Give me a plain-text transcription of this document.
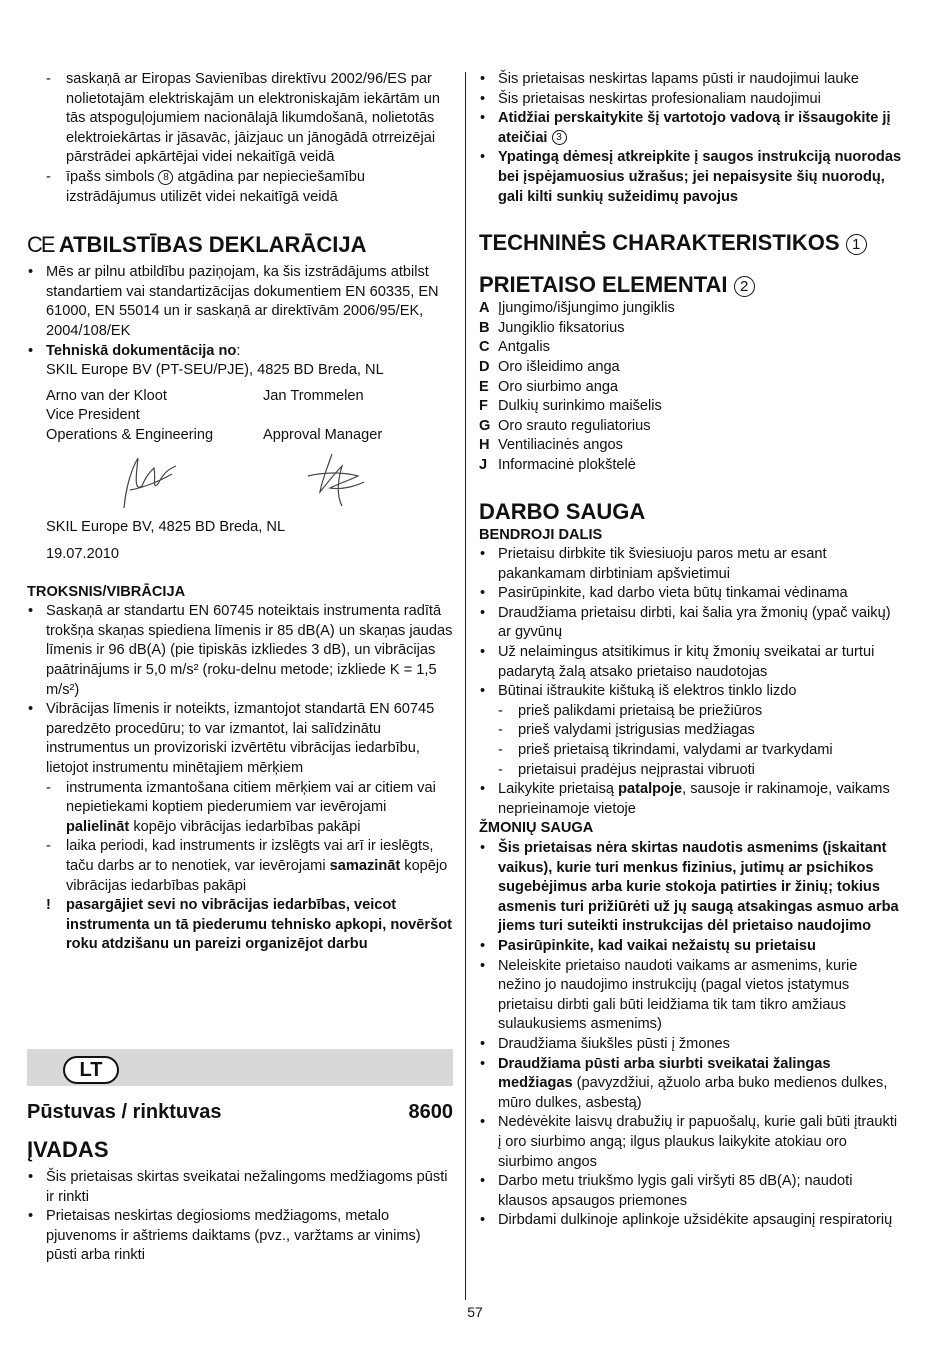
- saskaņā ar Eiropas Savienības direktīvu 2002/96/ES par nolietotajām elektriskajām un elektroniskajām iekārtām un tās atspoguļojumiem nacionālajā likumdošanā, nolietotās elektroiekārtas ir jāsavāc, jāizjauc un jānogādā otrreizējai pārstrādei apkārtējai videi nekaitīgā veidā
- īpašs simbols 8 atgādina par nepieciešamību izstrādājumus utilizēt videi nekaitīgā veidā
CE ATBILSTĪBAS DEKLARĀCIJA
• Mēs ar pilnu atbildību paziņojam, ka šis izstrādājums atbilst standartiem vai standartizācijas dokumentiem EN 60335, EN 61000, EN 55014 un ir saskaņā ar direktīvām 2006/95/EK, 2004/108/EK
• Tehniskā dokumentācija no:
SKIL Europe BV (PT-SEU/PJE), 4825 BD Breda, NL
Arno van der Kloot	Jan Trommelen
Vice President
Operations & Engineering	Approval Manager
SKIL Europe BV, 4825 BD Breda, NL
19.07.2010
TROKSNIS/VIBRĀCIJA
• Saskaņā ar standartu EN 60745 noteiktais instrumenta radītā trokšņa skaņas spiediena līmenis ir 85 dB(A) un skaņas jaudas līmenis ir 96 dB(A) (pie tipiskās izkliedes 3 dB), un vibrācijas paātrinājums ir 5,0 m/s² (roku-delnu metode; izkliede K = 1,5 m/s²)
• Vibrācijas līmenis ir noteikts, izmantojot standartā EN 60745 paredzēto procedūru; to var izmantot, lai salīdzinātu instrumentus un provizoriski izvērtētu vibrācijas iedarbību, lietojot instrumentu minētajiem mērķiem
- instrumenta izmantošana citiem mērķiem vai ar citiem vai nepietiekami koptiem piederumiem var ievērojami palielināt kopējo vibrācijas iedarbības pakāpi
- laika periodi, kad instruments ir izslēgts vai arī ir ieslēgts, taču darbs ar to nenotiek, var ievērojami samazināt kopējo vibrācijas iedarbības pakāpi
! pasargājiet sevi no vibrācijas iedarbības, veicot instrumenta un tā piederumu tehnisko apkopi, novēršot roku atdzišanu un pareizi organizējot darbu
LT
Pūstuvas / rinktuvas	8600
ĮVADAS
• Šis prietaisas skirtas sveikatai nežalingoms medžiagoms pūsti ir rinkti
• Prietaisas neskirtas degiosioms medžiagoms, metalo pjuvenoms ir aštriems daiktams (pvz., varžtams ar vinims) pūsti arba rinkti
• Šis prietaisas neskirtas lapams pūsti ir naudojimui lauke
• Šis prietaisas neskirtas profesionaliam naudojimui
• Atidžiai perskaitykite šį vartotojo vadovą ir išsaugokite jį ateičiai 3
• Ypatingą dėmesį atkreipkite į saugos instrukciją nuorodas bei įspėjamuosius užrašus; jei nepaisysite šių nuorodų, gali kilti sunkių sužeidimų pavojus
TECHNINĖS CHARAKTERISTIKOS 1
PRIETAISO ELEMENTAI 2
A Įjungimo/išjungimo jungiklis
B Jungiklio fiksatorius
C Antgalis
D Oro išleidimo anga
E Oro siurbimo anga
F Dulkių surinkimo maišelis
G Oro srauto reguliatorius
H Ventiliacinės angos
J Informacinė plokštelė
DARBO SAUGA
BENDROJI DALIS
• Prietaisu dirbkite tik šviesiuoju paros metu ar esant pakankamam dirbtiniam apšvietimui
• Pasirūpinkite, kad darbo vieta būtų tinkamai vėdinama
• Draudžiama prietaisu dirbti, kai šalia yra žmonių (ypač vaikų) ar gyvūnų
• Už nelaimingus atsitikimus ir kitų žmonių sveikatai ar turtui padarytą žalą atsako prietaiso naudotojas
• Būtinai ištraukite kištuką iš elektros tinklo lizdo
- prieš palikdami prietaisą be priežiūros
- prieš valydami įstrigusias medžiagas
- prieš prietaisą tikrindami, valydami ar tvarkydami
- prietaisui pradėjus neįprastai vibruoti
• Laikykite prietaisą patalpoje, sausoje ir rakinamoje, vaikams neprieinamoje vietoje
ŽMONIŲ SAUGA
• Šis prietaisas nėra skirtas naudotis asmenims (įskaitant vaikus), kurie turi menkus fizinius, jutimų ar psichikos sugebėjimus arba kurie stokoja patirties ir žinių; tokius asmenis turi prižiūrėti už jų saugą atsakingas asmuo arba jiems turi suteikti instrukcijas dėl prietaiso naudojimo
• Pasirūpinkite, kad vaikai nežaistų su prietaisu
• Neleiskite prietaiso naudoti vaikams ar asmenims, kurie nežino jo naudojimo instrukcijų (pagal vietos įstatymus prietaisu dirbti gali būti leidžiama tik tam tikro amžiaus sulaukusiems asmenims)
• Draudžiama šiukšles pūsti į žmones
• Draudžiama pūsti arba siurbti sveikatai žalingas medžiagas (pavyzdžiui, ąžuolo arba buko medienos dulkes, mūro dulkes, asbestą)
• Nedėvėkite laisvų drabužių ir papuošalų, kurie gali būti įtraukti į oro siurbimo angą; ilgus plaukus laikykite atokiau oro siurbimo angos
• Darbo metu triukšmo lygis gali viršyti 85 dB(A); naudoti klausos apsaugos priemones
• Dirbdami dulkinoje aplinkoje užsidėkite apsauginį respiratorių
57
